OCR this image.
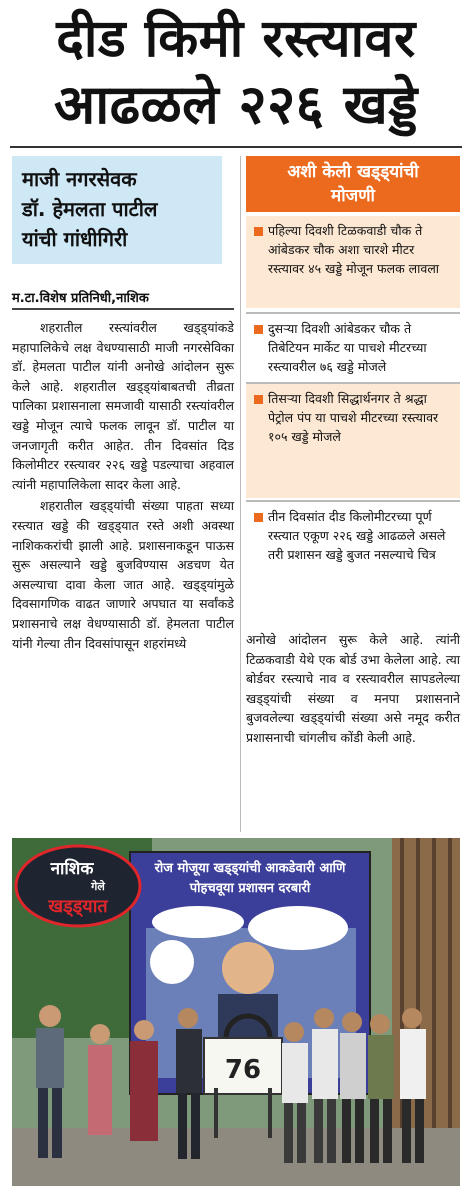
दीड किमी रस्त्यावर
आढळले २२६ खड्डे
माजी नगरसेवक
डॉ. हेमलता पाटील
यांची गांधीगिरी
म.टा.विशेष प्रतिनिधी,नाशिक

शहरातील रस्त्यांवरील खड्ड्यांकडे महापालिकेचे लक्ष वेधण्यासाठी माजी नगरसेविका डॉ. हेमलता पाटील यांनी अनोखे आंदोलन सुरू केले आहे. शहरातील खड्ड्यांबाबतची तीव्रता पालिका प्रशासनाला समजावी यासाठी रस्त्यांवरील खड्डे मोजून त्याचे फलक लावून डॉ. पाटील या जनजागृती करीत आहेत. तीन दिवसांत दिड किलोमीटर रस्त्यावर २२६ खड्डे पडल्याचा अहवाल त्यांनी महापालिकेला सादर केला आहे.

शहरातील खड्ड्यांची संख्या पाहता सध्या रस्त्यात खड्डे की खड्ड्यात रस्ते अशी अवस्था नाशिककरांची झाली आहे. प्रशासनाकडून पाऊस सुरू असल्याने खड्डे बुजविण्यास अडचण येत असल्याचा दावा केला जात आहे. खड्ड्यांमुळे दिवसागणिक वाढत जाणारे अपघात या सर्वांकडे प्रशासनाचे लक्ष वेधण्यासाठी डॉ. हेमलता पाटील यांनी गेल्या तीन दिवसांपासून शहरांमध्ये

अशी केली खड्ड्यांची
मोजणी
पहिल्या दिवशी टिळकवाडी चौक ते आंबेडकर चौक अशा चारशे मीटर रस्त्यावर ४५ खड्डे मोजून फलक लावला
दुसऱ्या दिवशी आंबेडकर चौक ते तिबेटियन मार्केट या पाचशे मीटरच्या रस्त्यावरील ७६ खड्डे मोजले
तिसऱ्या दिवशी सिद्धार्थनगर ते श्रद्धा पेट्रोल पंप या पाचशे मीटरच्या रस्त्यावर १०५ खड्डे मोजले
तीन दिवसांत दीड किलोमीटरच्या पूर्ण रस्त्यात एकूण २२६ खड्डे आढळले असले तरी प्रशासन खड्डे बुजत नसल्याचे चित्र

अनोखे आंदोलन सुरू केले आहे. त्यांनी टिळकवाडी येथे एक बोर्ड उभा केलेला आहे. त्या बोर्डवर रस्त्याचे नाव व रस्त्यावरील सापडलेल्या खड्ड्यांची संख्या व मनपा प्रशासनाने बुजवलेल्या खड्ड्यांची संख्या असे नमूद करीत प्रशासनाची चांगलीच कोंडी केली आहे.

रोज मोजूया खड्ड्यांची आकडेवारी आणि
पोहचवूया प्रशासन दरबारी
76
नाशिक
गेले
खड्ड्यात
